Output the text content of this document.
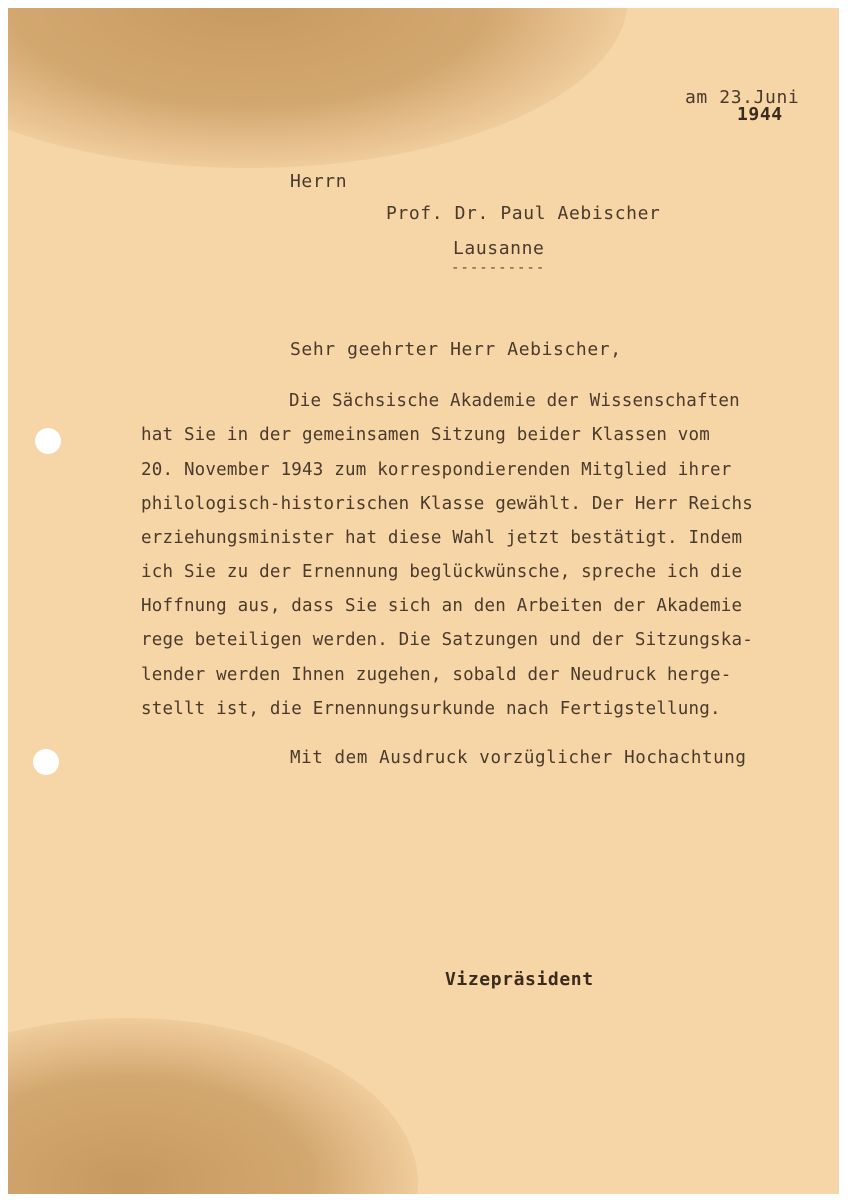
am 23.Juni
1944
Herrn
Prof. Dr. Paul Aebischer
Lausanne
----------
Sehr geehrter Herr Aebischer,
Die Sächsische Akademie der Wissenschaften
hat Sie in der gemeinsamen Sitzung beider Klassen vom
20. November 1943 zum korrespondierenden Mitglied ihrer
philologisch-historischen Klasse gewählt. Der Herr Reichs
erziehungsminister hat diese Wahl jetzt bestätigt. Indem
ich Sie zu der Ernennung beglückwünsche, spreche ich die
Hoffnung aus, dass Sie sich an den Arbeiten der Akademie
rege beteiligen werden. Die Satzungen und der Sitzungska-
lender werden Ihnen zugehen, sobald der Neudruck herge-
stellt ist, die Ernennungsurkunde nach Fertigstellung.
Mit dem Ausdruck vorzüglicher Hochachtung
Vizepräsident
